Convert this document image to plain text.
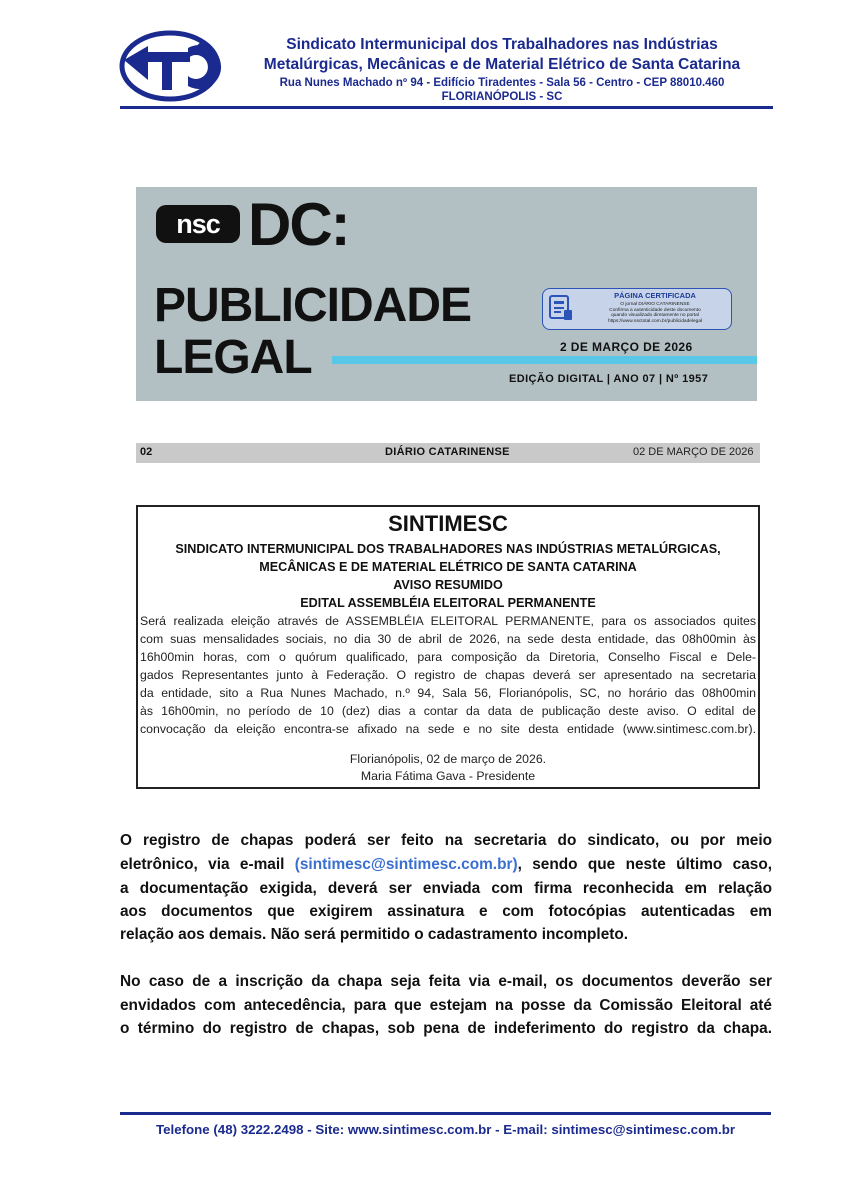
Sindicato Intermunicipal dos Trabalhadores nas Indústrias
Metalúrgicas, Mecânicas e de Material Elétrico de Santa Catarina
Rua Nunes Machado nº 94 - Edifício Tiradentes - Sala 56 - Centro - CEP 88010.460
FLORIANÓPOLIS - SC
nsc DC:
PUBLICIDADE
LEGAL
PÁGINA CERTIFICADA
O jornal DIÁRIO CATARINENSE
Confirma a autenticidade deste documento
quando visualizado diretamente no portal
https://www.nsctotal.com.br/publicidadelegal
2 DE MARÇO DE 2026
EDIÇÃO DIGITAL | ANO 07 | Nº 1957
02	DIÁRIO CATARINENSE	02 DE MARÇO DE 2026
SINTIMESC
SINDICATO INTERMUNICIPAL DOS TRABALHADORES NAS INDÚSTRIAS METALÚRGICAS,
MECÂNICAS E DE MATERIAL ELÉTRICO DE SANTA CATARINA
AVISO RESUMIDO
EDITAL ASSEMBLÉIA ELEITORAL PERMANENTE
Será realizada eleição através de ASSEMBLÉIA ELEITORAL PERMANENTE, para os associados quites
com suas mensalidades sociais, no dia 30 de abril de 2026, na sede desta entidade, das 08h00min às
16h00min horas, com o quórum qualificado, para composição da Diretoria, Conselho Fiscal e Dele-
gados Representantes junto à Federação. O registro de chapas deverá ser apresentado na secretaria
da entidade, sito a Rua Nunes Machado, n.º 94, Sala 56, Florianópolis, SC, no horário das 08h00min
às 16h00min, no período de 10 (dez) dias a contar da data de publicação deste aviso. O edital de
convocação da eleição encontra-se afixado na sede e no site desta entidade (www.sintimesc.com.br).
Florianópolis, 02 de março de 2026.
Maria Fátima Gava - Presidente
O registro de chapas poderá ser feito na secretaria do sindicato, ou por meio
eletrônico, via e-mail (sintimesc@sintimesc.com.br), sendo que neste último caso,
a documentação exigida, deverá ser enviada com firma reconhecida em relação
aos documentos que exigirem assinatura e com fotocópias autenticadas em
relação aos demais. Não será permitido o cadastramento incompleto.
No caso de a inscrição da chapa seja feita via e-mail, os documentos deverão ser
envidados com antecedência, para que estejam na posse da Comissão Eleitoral até
o término do registro de chapas, sob pena de indeferimento do registro da chapa.
Telefone (48) 3222.2498 - Site: www.sintimesc.com.br - E-mail: sintimesc@sintimesc.com.br
